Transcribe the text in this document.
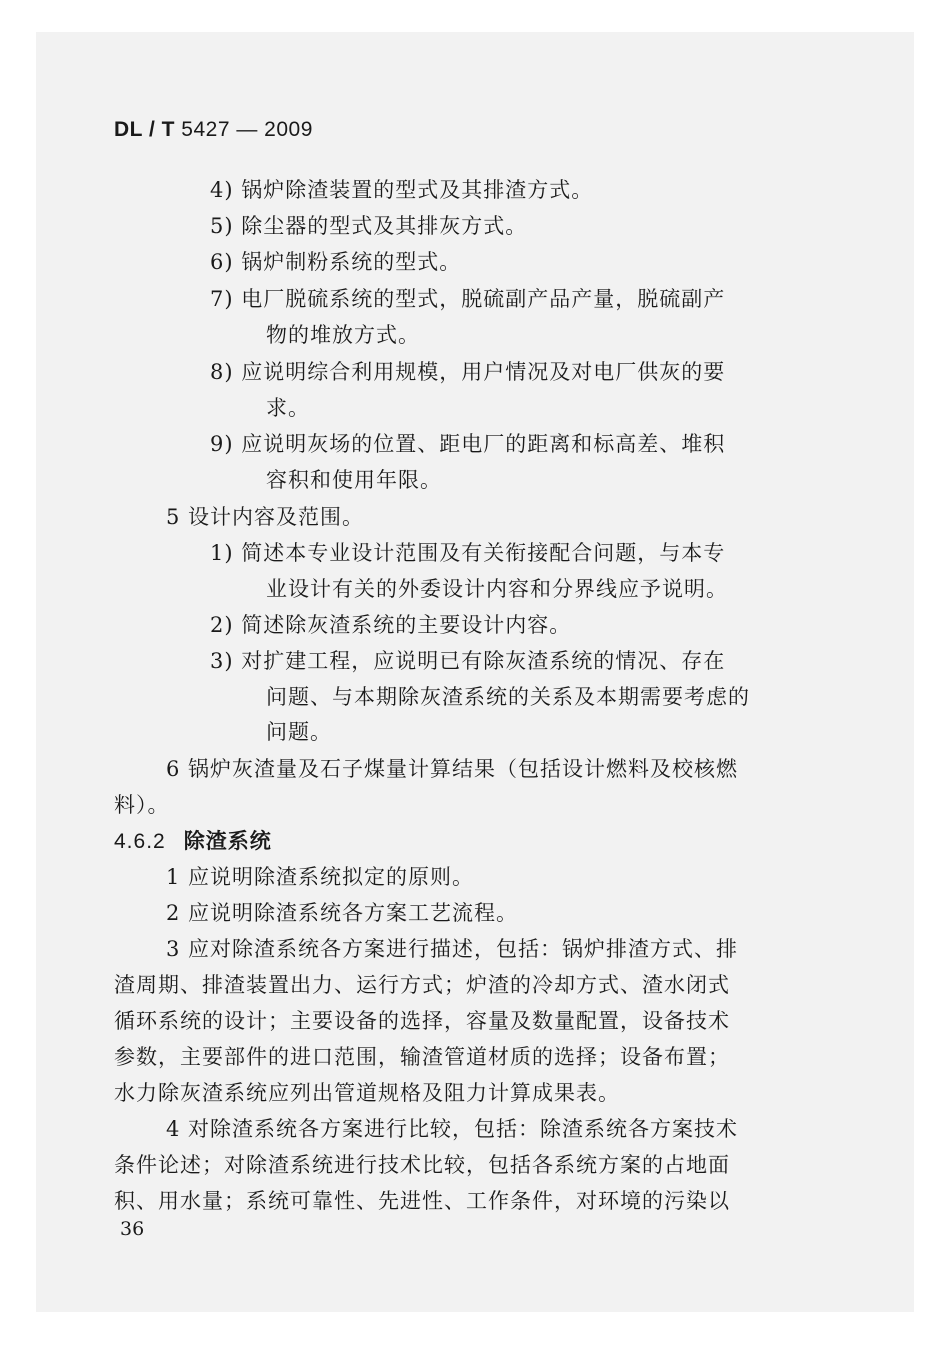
DL / T 5427 — 2009
4) 锅炉除渣装置的型式及其排渣方式。
5) 除尘器的型式及其排灰方式。
6) 锅炉制粉系统的型式。
7) 电厂脱硫系统的型式，脱硫副产品产量，脱硫副产
物的堆放方式。
8) 应说明综合利用规模，用户情况及对电厂供灰的要
求。
9) 应说明灰场的位置、距电厂的距离和标高差、堆积
容积和使用年限。
5 设计内容及范围。
1) 简述本专业设计范围及有关衔接配合问题，与本专
业设计有关的外委设计内容和分界线应予说明。
2) 简述除灰渣系统的主要设计内容。
3) 对扩建工程，应说明已有除灰渣系统的情况、存在
问题、与本期除灰渣系统的关系及本期需要考虑的
问题。
6 锅炉灰渣量及石子煤量计算结果（包括设计燃料及校核燃
料）。
4.6.2 除渣系统
1 应说明除渣系统拟定的原则。
2 应说明除渣系统各方案工艺流程。
3 应对除渣系统各方案进行描述，包括：锅炉排渣方式、排
渣周期、排渣装置出力、运行方式；炉渣的冷却方式、渣水闭式
循环系统的设计；主要设备的选择，容量及数量配置，设备技术
参数，主要部件的进口范围，输渣管道材质的选择；设备布置；
水力除灰渣系统应列出管道规格及阻力计算成果表。
4 对除渣系统各方案进行比较，包括：除渣系统各方案技术
条件论述；对除渣系统进行技术比较，包括各系统方案的占地面
积、用水量；系统可靠性、先进性、工作条件，对环境的污染以
36
